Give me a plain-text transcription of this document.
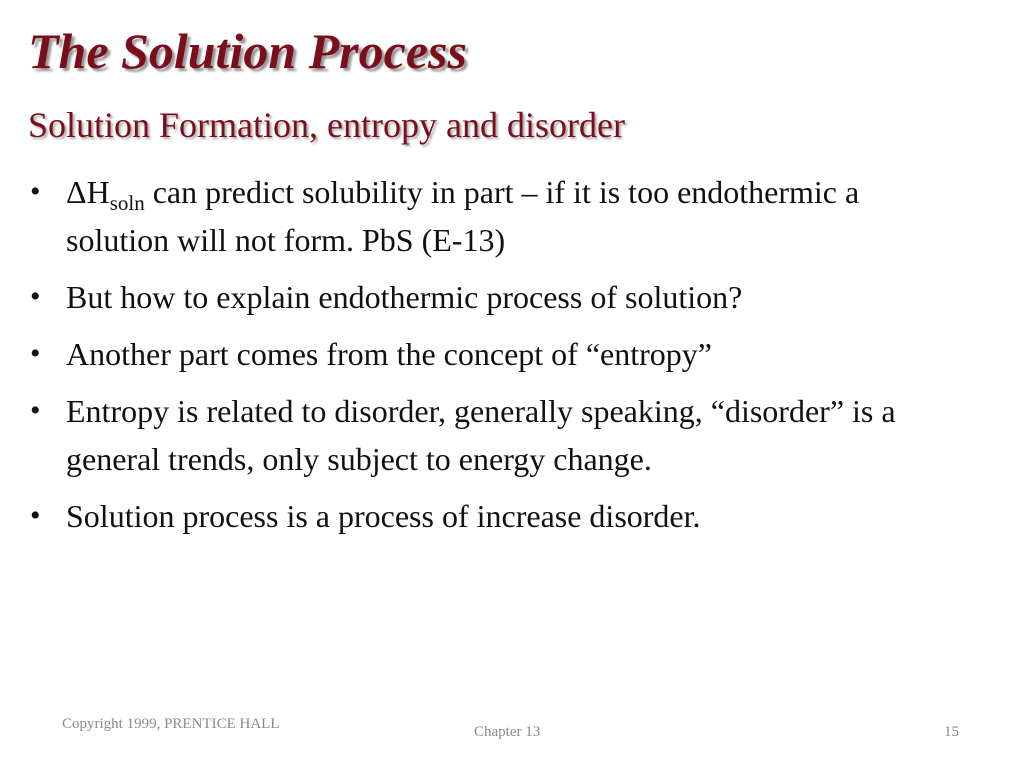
The Solution Process
Solution Formation, entropy and disorder
• $\Delta H_{soln}$ can predict solubility in part – if it is too endothermic a solution will not form. PbS (E-13)
• But how to explain endothermic process of solution?
• Another part comes from the concept of “entropy”
• Entropy is related to disorder, generally speaking, “disorder” is a general trends, only subject to energy change.
• Solution process is a process of increase disorder.
Copyright 1999, PRENTICE HALL	Chapter 13	15
